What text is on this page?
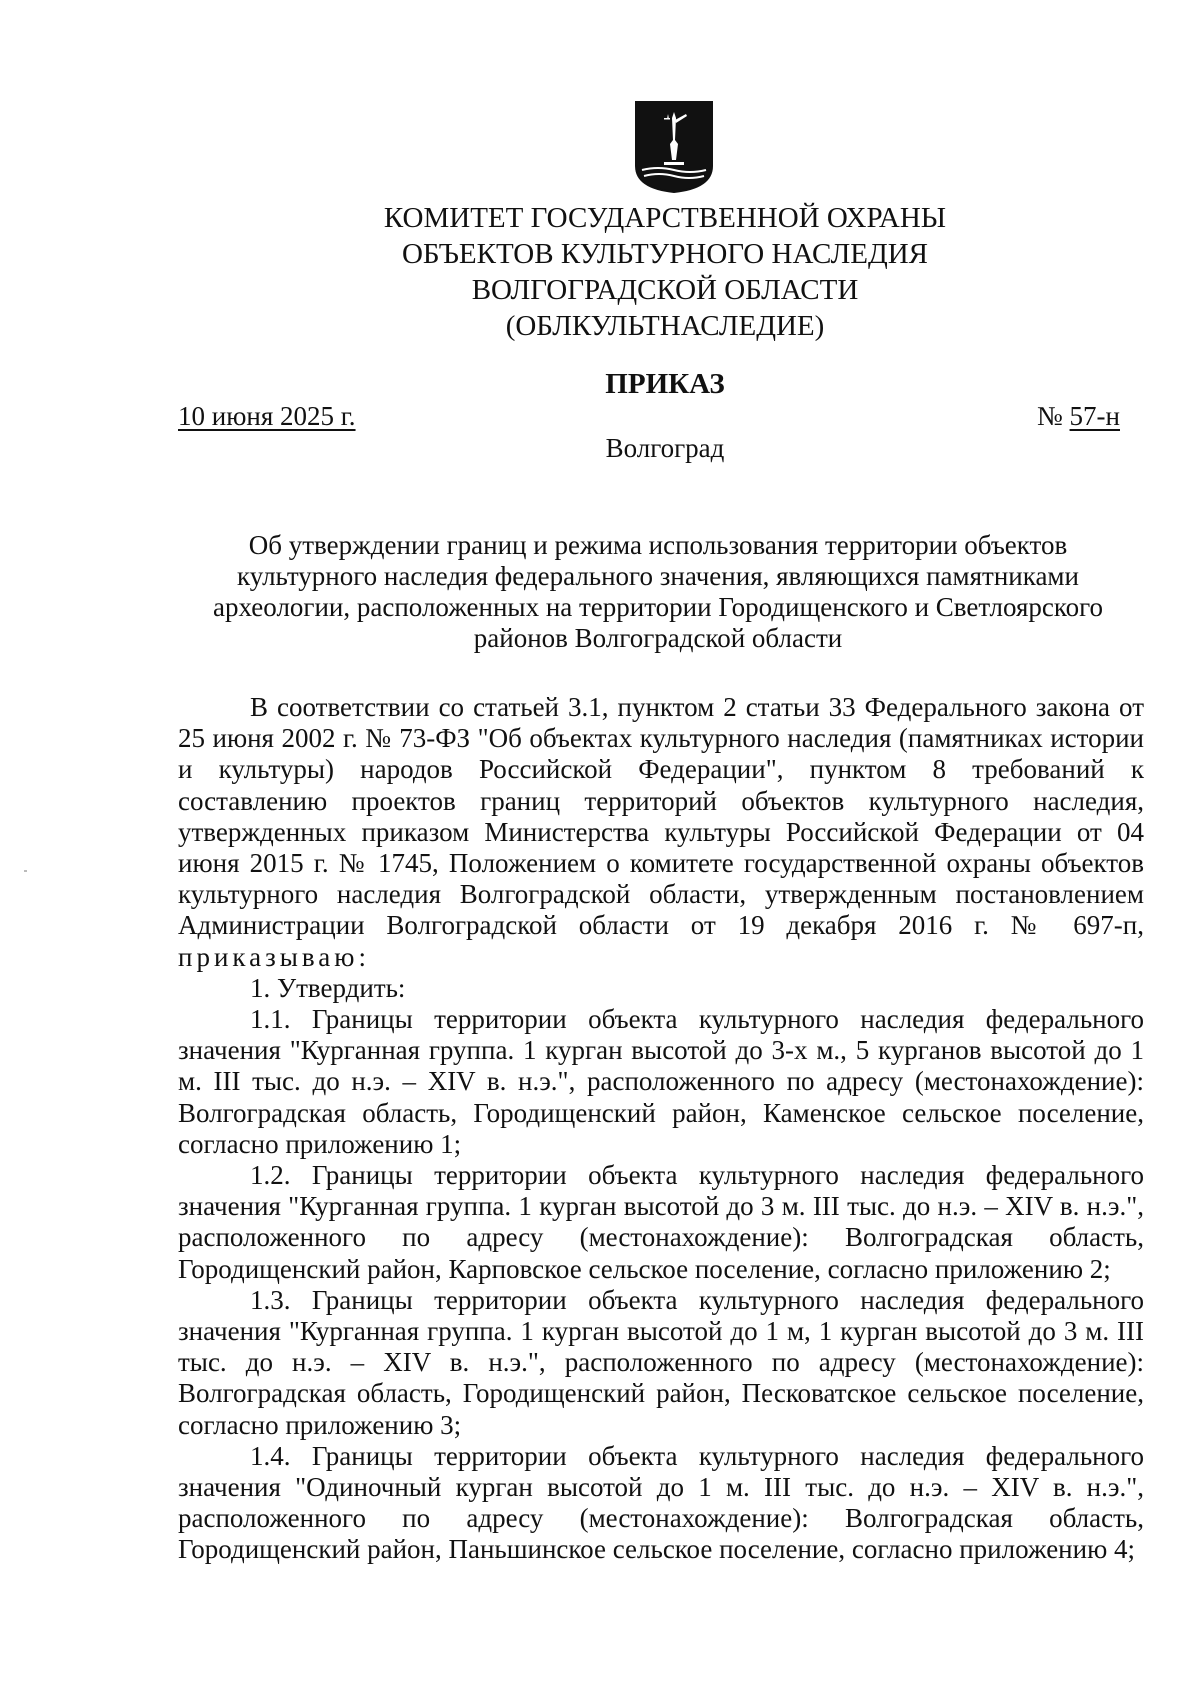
КОМИТЕТ ГОСУДАРСТВЕННОЙ ОХРАНЫ
ОБЪЕКТОВ КУЛЬТУРНОГО НАСЛЕДИЯ
ВОЛГОГРАДСКОЙ ОБЛАСТИ
(ОБЛКУЛЬТНАСЛЕДИЕ)
ПРИКАЗ
10 июня 2025 г.	№ 57-н
Волгоград
Об утверждении границ и режима использования территории объектов культурного наследия федерального значения, являющихся памятниками археологии, расположенных на территории Городищенского и Светлоярского районов Волгоградской области

В соответствии со статьей 3.1, пунктом 2 статьи 33 Федерального закона от 25 июня 2002 г. № 73-ФЗ "Об объектах культурного наследия (памятниках истории и культуры) народов Российской Федерации", пунктом 8 требований к составлению проектов границ территорий объектов культурного наследия, утвержденных приказом Министерства культуры Российской Федерации от 04 июня 2015 г. № 1745, Положением о комитете государственной охраны объектов культурного наследия Волгоградской области, утвержденным постановлением Администрации Волгоградской области от 19 декабря 2016 г. № 697-п, приказываю:

1. Утвердить:

1.1. Границы территории объекта культурного наследия федерального значения "Курганная группа. 1 курган высотой до 3-х м., 5 курганов высотой до 1 м. III тыс. до н.э. – XIV в. н.э.", расположенного по адресу (местонахождение): Волгоградская область, Городищенский район, Каменское сельское поселение, согласно приложению 1;

1.2. Границы территории объекта культурного наследия федерального значения "Курганная группа. 1 курган высотой до 3 м. III тыс. до н.э. – XIV в. н.э.", расположенного по адресу (местонахождение): Волгоградская область, Городищенский район, Карповское сельское поселение, согласно приложению 2;

1.3. Границы территории объекта культурного наследия федерального значения "Курганная группа. 1 курган высотой до 1 м, 1 курган высотой до 3 м. III тыс. до н.э. – XIV в. н.э.", расположенного по адресу (местонахождение): Волгоградская область, Городищенский район, Песковатское сельское поселение, согласно приложению 3;

1.4. Границы территории объекта культурного наследия федерального значения "Одиночный курган высотой до 1 м. III тыс. до н.э. – XIV в. н.э.", расположенного по адресу (местонахождение): Волгоградская область, Городищенский район, Паньшинское сельское поселение, согласно приложению 4;
